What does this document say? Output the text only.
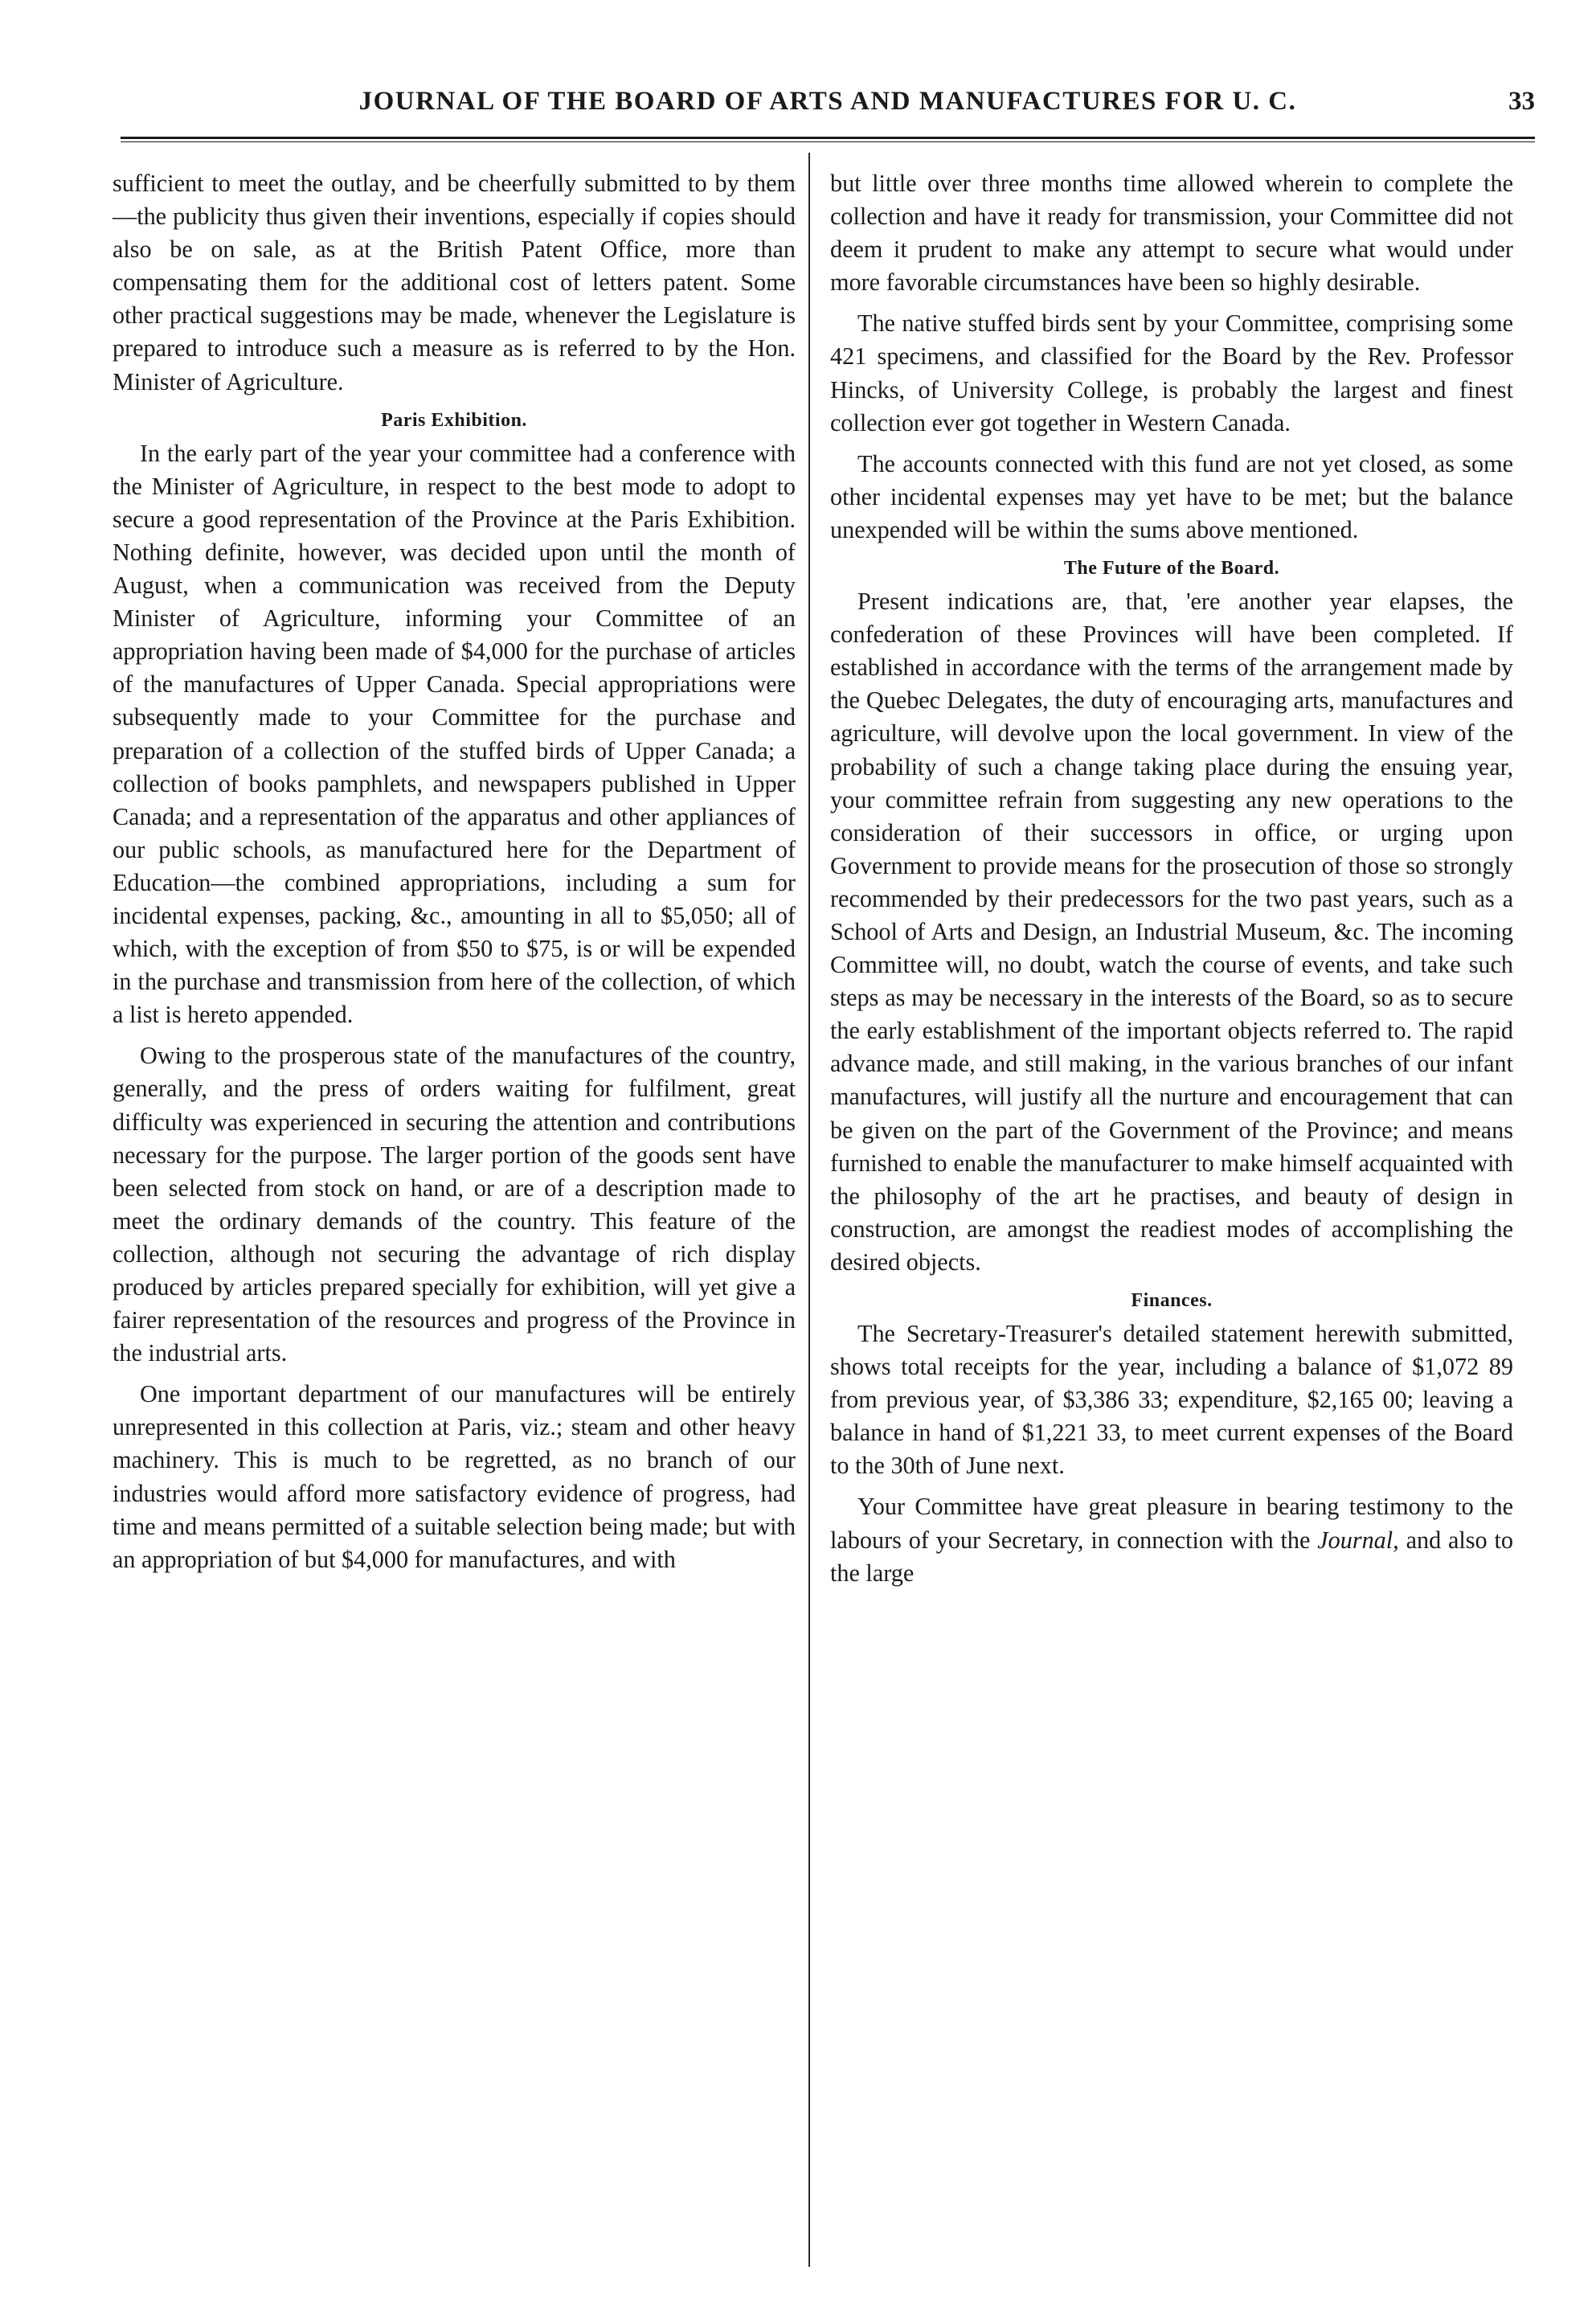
JOURNAL OF THE BOARD OF ARTS AND MANUFACTURES FOR U. C.	33

sufficient to meet the outlay, and be cheerfully submitted to by them—the publicity thus given their inventions, especially if copies should also be on sale, as at the British Patent Office, more than compensating them for the additional cost of letters patent. Some other practical suggestions may be made, whenever the Legislature is prepared to introduce such a measure as is referred to by the Hon. Minister of Agriculture.

Paris Exhibition.

In the early part of the year your committee had a conference with the Minister of Agriculture, in respect to the best mode to adopt to secure a good representation of the Province at the Paris Exhibition. Nothing definite, however, was decided upon until the month of August, when a communication was received from the Deputy Minister of Agriculture, informing your Committee of an appropriation having been made of $4,000 for the purchase of articles of the manufactures of Upper Canada. Special appropriations were subsequently made to your Committee for the purchase and preparation of a collection of the stuffed birds of Upper Canada; a collection of books pamphlets, and newspapers published in Upper Canada; and a representation of the apparatus and other appliances of our public schools, as manufactured here for the Department of Education—the combined appropriations, including a sum for incidental expenses, packing, &c., amounting in all to $5,050; all of which, with the exception of from $50 to $75, is or will be expended in the purchase and transmission from here of the collection, of which a list is hereto appended.

Owing to the prosperous state of the manufactures of the country, generally, and the press of orders waiting for fulfilment, great difficulty was experienced in securing the attention and contributions necessary for the purpose. The larger portion of the goods sent have been selected from stock on hand, or are of a description made to meet the ordinary demands of the country. This feature of the collection, although not securing the advantage of rich display produced by articles prepared specially for exhibition, will yet give a fairer representation of the resources and progress of the Province in the industrial arts.

One important department of our manufactures will be entirely unrepresented in this collection at Paris, viz.; steam and other heavy machinery. This is much to be regretted, as no branch of our industries would afford more satisfactory evidence of progress, had time and means permitted of a suitable selection being made; but with an appropriation of but $4,000 for manufactures, and with

but little over three months time allowed wherein to complete the collection and have it ready for transmission, your Committee did not deem it prudent to make any attempt to secure what would under more favorable circumstances have been so highly desirable.

The native stuffed birds sent by your Committee, comprising some 421 specimens, and classified for the Board by the Rev. Professor Hincks, of University College, is probably the largest and finest collection ever got together in Western Canada.

The accounts connected with this fund are not yet closed, as some other incidental expenses may yet have to be met; but the balance unexpended will be within the sums above mentioned.

The Future of the Board.

Present indications are, that, 'ere another year elapses, the confederation of these Provinces will have been completed. If established in accordance with the terms of the arrangement made by the Quebec Delegates, the duty of encouraging arts, manufactures and agriculture, will devolve upon the local government. In view of the probability of such a change taking place during the ensuing year, your committee refrain from suggesting any new operations to the consideration of their successors in office, or urging upon Government to provide means for the prosecution of those so strongly recommended by their predecessors for the two past years, such as a School of Arts and Design, an Industrial Museum, &c. The incoming Committee will, no doubt, watch the course of events, and take such steps as may be necessary in the interests of the Board, so as to secure the early establishment of the important objects referred to. The rapid advance made, and still making, in the various branches of our infant manufactures, will justify all the nurture and encouragement that can be given on the part of the Government of the Province; and means furnished to enable the manufacturer to make himself acquainted with the philosophy of the art he practises, and beauty of design in construction, are amongst the readiest modes of accomplishing the desired objects.

Finances.

The Secretary-Treasurer's detailed statement herewith submitted, shows total receipts for the year, including a balance of $1,072 89 from previous year, of $3,386 33; expenditure, $2,165 00; leaving a balance in hand of $1,221 33, to meet current expenses of the Board to the 30th of June next.

Your Committee have great pleasure in bearing testimony to the labours of your Secretary, in connection with the Journal, and also to the large
